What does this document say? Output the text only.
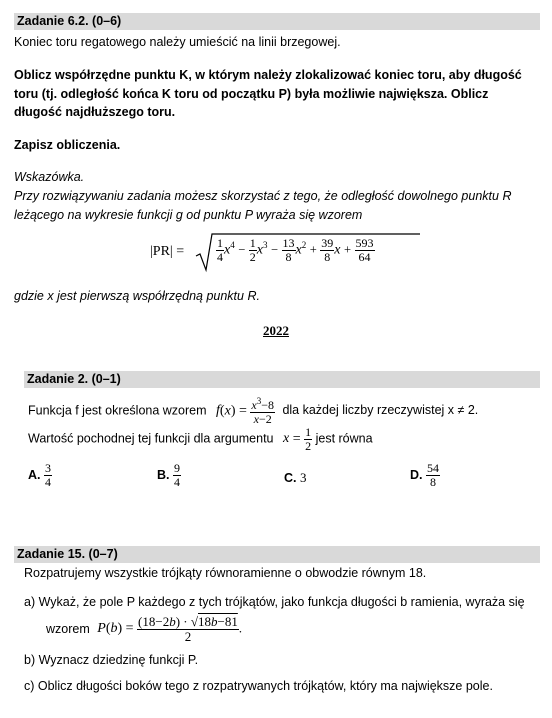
Zadanie 6.2. (0–6)
Koniec toru regatowego należy umieścić na linii brzegowej.
Oblicz współrzędne punktu K, w którym należy zlokalizować koniec toru, aby długość
toru (tj. odległość końca K toru od początku P) była możliwie największa. Oblicz
długość najdłuższego toru.
Zapisz obliczenia.
Wskazówka.
Przy rozwiązywaniu zadania możesz skorzystać z tego, że odległość dowolnego punktu R
leżącego na wykresie funkcji g od punktu P wyraża się wzorem
|PR| =	$\frac{1}{4} x^4 - \frac{1}{2} x^3 - \frac{13}{8} x^2 + \frac{39}{8}$ $x + \frac{593}{64}$
gdzie x jest pierwszą współrzędną punktu R.
2022
Zadanie 2. (0–1)
Funkcja f jest określona wzorem $f(x) = \frac{x^3-8}{x-2}$ dla każdej liczby rzeczywistej x ≠ 2.
Wartość pochodnej tej funkcji dla argumentu $x = \frac{1}{2}$ jest równa
A. $\frac{3}{4}$	B. $\frac{9}{4}$	C. 3	D. $\frac{54}{8}$
Zadanie 15. (0–7)
Rozpatrujemy wszystkie trójkąty równoramienne o obwodzie równym 18.
a) Wykaż, że pole P każdego z tych trójkątów, jako funkcja długości b ramienia, wyraża się
wzorem $P(b) = \frac{(18-2b) \cdot √18b-81}{2}$ .
b) Wyznacz dziedzinę funkcji P.
c) Oblicz długości boków tego z rozpatrywanych trójkątów, który ma największe pole.
